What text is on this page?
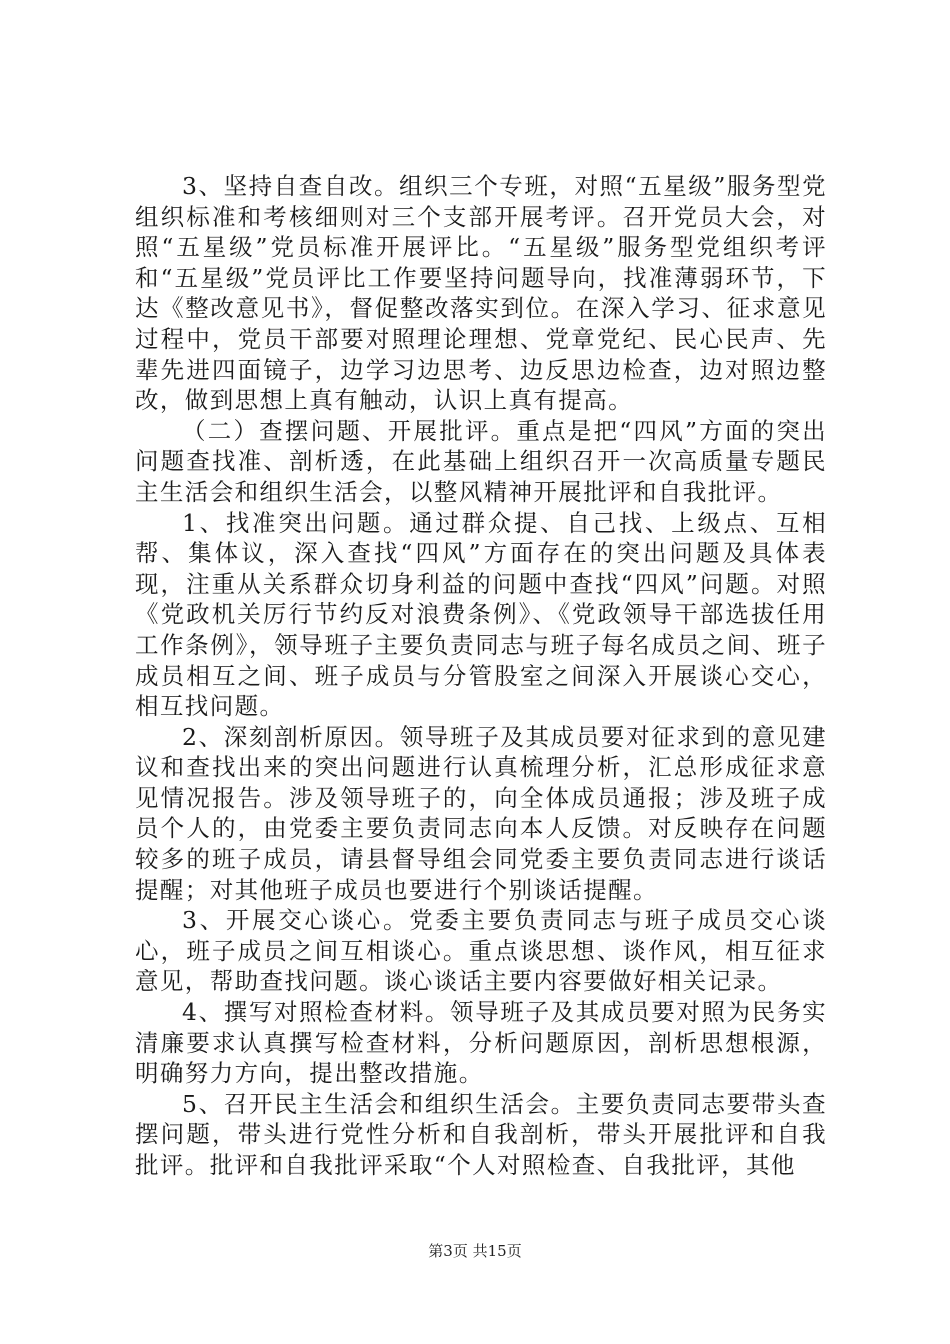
3、坚持自查自改。组织三个专班，对照“五星级”服务型党组织标准和考核细则对三个支部开展考评。召开党员大会，对照“五星级”党员标准开展评比。“五星级”服务型党组织考评和“五星级”党员评比工作要坚持问题导向，找准薄弱环节，下达《整改意见书》，督促整改落实到位。在深入学习、征求意见过程中，党员干部要对照理论理想、党章党纪、民心民声、先辈先进四面镜子，边学习边思考、边反思边检查，边对照边整改，做到思想上真有触动，认识上真有提高。

（二）查摆问题、开展批评。重点是把“四风”方面的突出问题查找准、剖析透，在此基础上组织召开一次高质量专题民主生活会和组织生活会，以整风精神开展批评和自我批评。

1、找准突出问题。通过群众提、自己找、上级点、互相帮、集体议，深入查找“四风”方面存在的突出问题及具体表现，注重从关系群众切身利益的问题中查找“四风”问题。对照《党政机关厉行节约反对浪费条例》、《党政领导干部选拔任用工作条例》，领导班子主要负责同志与班子每名成员之间、班子成员相互之间、班子成员与分管股室之间深入开展谈心交心，相互找问题。

2、深刻剖析原因。领导班子及其成员要对征求到的意见建议和查找出来的突出问题进行认真梳理分析，汇总形成征求意见情况报告。涉及领导班子的，向全体成员通报；涉及班子成员个人的，由党委主要负责同志向本人反馈。对反映存在问题较多的班子成员，请县督导组会同党委主要负责同志进行谈话提醒；对其他班子成员也要进行个别谈话提醒。

3、开展交心谈心。党委主要负责同志与班子成员交心谈心，班子成员之间互相谈心。重点谈思想、谈作风，相互征求意见，帮助查找问题。谈心谈话主要内容要做好相关记录。

4、撰写对照检查材料。领导班子及其成员要对照为民务实清廉要求认真撰写检查材料，分析问题原因，剖析思想根源，明确努力方向，提出整改措施。

5、召开民主生活会和组织生活会。主要负责同志要带头查摆问题，带头进行党性分析和自我剖析，带头开展批评和自我批评。批评和自我批评采取“个人对照检查、自我批评，其他

第3页 共15页
